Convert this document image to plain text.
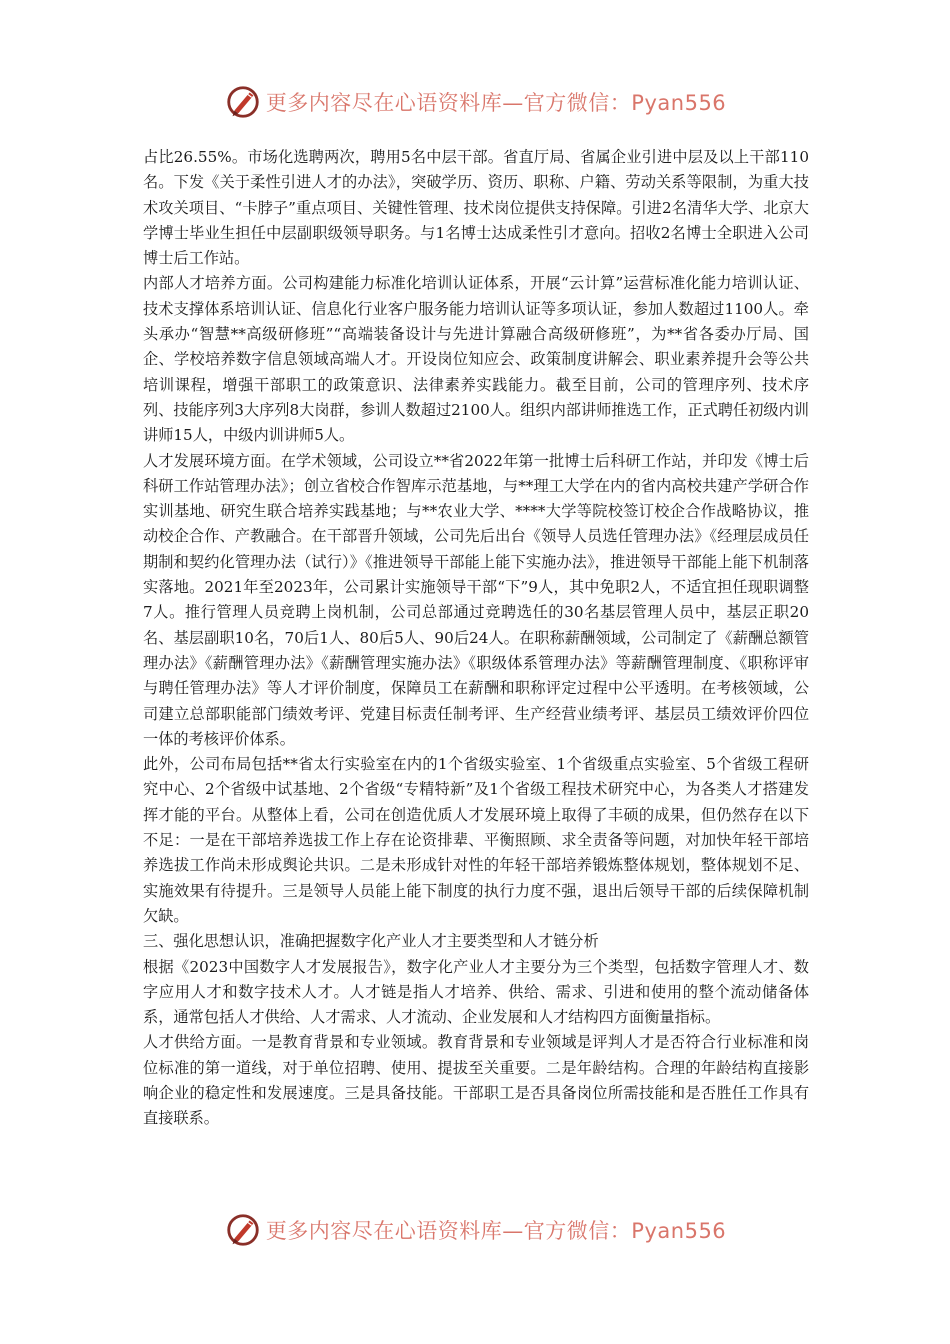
更多内容尽在心语资料库—官方微信：Pyan556

占比26.55%。市场化选聘两次，聘用5名中层干部。省直厅局、省属企业引进中层及以上干部110名。下发《关于柔性引进人才的办法》，突破学历、资历、职称、户籍、劳动关系等限制，为重大技术攻关项目、“卡脖子”重点项目、关键性管理、技术岗位提供支持保障。引进2名清华大学、北京大学博士毕业生担任中层副职级领导职务。与1名博士达成柔性引才意向。招收2名博士全职进入公司博士后工作站。

内部人才培养方面。公司构建能力标准化培训认证体系，开展“云计算”运营标准化能力培训认证、技术支撑体系培训认证、信息化行业客户服务能力培训认证等多项认证，参加人数超过1100人。牵头承办“智慧**高级研修班”“高端装备设计与先进计算融合高级研修班”，为**省各委办厅局、国企、学校培养数字信息领域高端人才。开设岗位知应会、政策制度讲解会、职业素养提升会等公共培训课程，增强干部职工的政策意识、法律素养实践能力。截至目前，公司的管理序列、技术序列、技能序列3大序列8大岗群，参训人数超过2100人。组织内部讲师推选工作，正式聘任初级内训讲师15人，中级内训讲师5人。

人才发展环境方面。在学术领域，公司设立**省2022年第一批博士后科研工作站，并印发《博士后科研工作站管理办法》；创立省校合作智库示范基地，与**理工大学在内的省内高校共建产学研合作实训基地、研究生联合培养实践基地；与**农业大学、****大学等院校签订校企合作战略协议，推动校企合作、产教融合。在干部晋升领域，公司先后出台《领导人员选任管理办法》《经理层成员任期制和契约化管理办法（试行）》《推进领导干部能上能下实施办法》，推进领导干部能上能下机制落实落地。2021年至2023年，公司累计实施领导干部“下”9人，其中免职2人，不适宜担任现职调整7人。推行管理人员竞聘上岗机制，公司总部通过竞聘选任的30名基层管理人员中，基层正职20名、基层副职10名，70后1人、80后5人、90后24人。在职称薪酬领域，公司制定了《薪酬总额管理办法》《薪酬管理办法》《薪酬管理实施办法》《职级体系管理办法》等薪酬管理制度、《职称评审与聘任管理办法》等人才评价制度，保障员工在薪酬和职称评定过程中公平透明。在考核领域，公司建立总部职能部门绩效考评、党建目标责任制考评、生产经营业绩考评、基层员工绩效评价四位一体的考核评价体系。

此外，公司布局包括**省太行实验室在内的1个省级实验室、1个省级重点实验室、5个省级工程研究中心、2个省级中试基地、2个省级“专精特新”及1个省级工程技术研究中心，为各类人才搭建发挥才能的平台。从整体上看，公司在创造优质人才发展环境上取得了丰硕的成果，但仍然存在以下不足：一是在干部培养选拔工作上存在论资排辈、平衡照顾、求全责备等问题，对加快年轻干部培养选拔工作尚未形成舆论共识。二是未形成针对性的年轻干部培养锻炼整体规划，整体规划不足、实施效果有待提升。三是领导人员能上能下制度的执行力度不强，退出后领导干部的后续保障机制欠缺。

三、强化思想认识，准确把握数字化产业人才主要类型和人才链分析

根据《2023中国数字人才发展报告》，数字化产业人才主要分为三个类型，包括数字管理人才、数字应用人才和数字技术人才。人才链是指人才培养、供给、需求、引进和使用的整个流动储备体系，通常包括人才供给、人才需求、人才流动、企业发展和人才结构四方面衡量指标。

人才供给方面。一是教育背景和专业领域。教育背景和专业领域是评判人才是否符合行业标准和岗位标准的第一道线，对于单位招聘、使用、提拔至关重要。二是年龄结构。合理的年龄结构直接影响企业的稳定性和发展速度。三是具备技能。干部职工是否具备岗位所需技能和是否胜任工作具有直接联系。

更多内容尽在心语资料库—官方微信：Pyan556
